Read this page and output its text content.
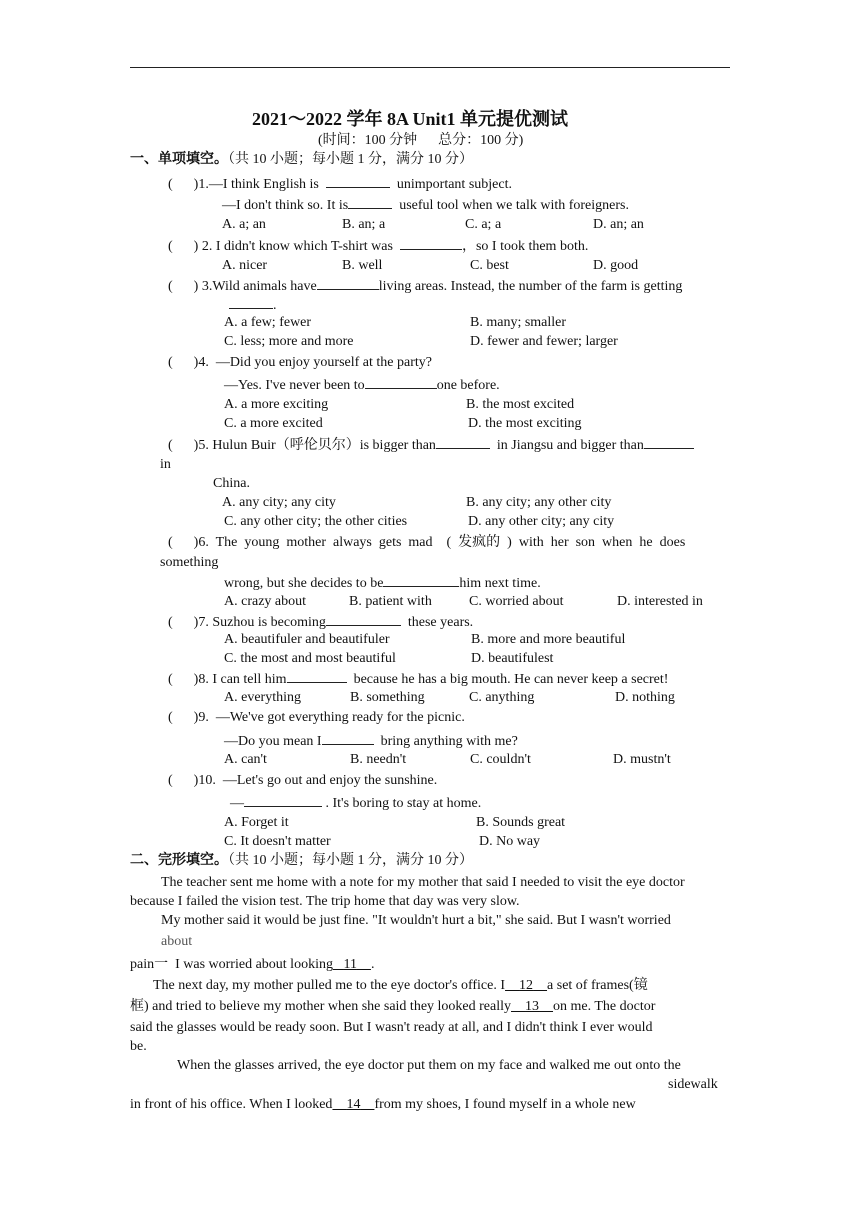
2021～2022 学年 8A Unit1 单元提优测试
(时间：100 分钟      总分：100 分)
一、单项填空。（共 10 小题；每小题 1 分，满分 10 分）
(      )1.—I think English is	unimportant subject.
—I don't think so. It is	useful tool when we talk with foreigners.
A. a; an	B. an; a	C. a; a	D. an; an
(      ) 2. I didn't know which T-shirt was	，so I took them both.
A. nicer	B. well	C. best	D. good
(      ) 3.Wild animals have	living areas. Instead, the number of the farm is getting
.
A. a few; fewer	B. many; smaller
C. less; more and more	D. fewer and fewer; larger
(      )4.  —Did you enjoy yourself at the party?
—Yes. I've never been to	one before.
A. a more exciting	B. the most excited
C. a more excited	D. the most exciting
(      )5. Hulun Buir（呼伦贝尔）is bigger than	in Jiangsu and bigger than
in
China.
A. any city; any city	B. any city; any other city
C. any other city; the other cities	D. any other city; any city
(      )6.  The  young  mother  always  gets  mad    (  发疯的  )  with  her  son  when  he  does
something
wrong, but she decides to be	him next time.
A. crazy about	B. patient with	C. worried about	D. interested in
(      )7. Suzhou is becoming	these years.
A. beautifuler and beautifuler	B. more and more beautiful
C. the most and most beautiful	D. beautifulest
(      )8. I can tell him	because he has a big mouth. He can never keep a secret!
A. everything	B. something	C. anything	D. nothing
(      )9.  —We've got everything ready for the picnic.
—Do you mean I	bring anything with me?
A. can't	B. needn't	C. couldn't	D. mustn't
(      )10.  —Let's go out and enjoy the sunshine.
—	. It's boring to stay at home.
A. Forget it	B. Sounds great
C. It doesn't matter	D. No way
二、完形填空。（共 10 小题；每小题 1 分，满分 10 分）
The teacher sent me home with a note for my mother that said I needed to visit the eye doctor
because I failed the vision test. The trip home that day was very slow.
My mother said it would be just fine. "It wouldn't hurt a bit," she said. But I wasn't worried
about
pain一  I was worried about looking 11 .
The next day, my mother pulled me to the eye doctor's office. I 12 a set of frames(镜
框) and tried to believe my mother when she said they looked really 13 on me. The doctor
said the glasses would be ready soon. But I wasn't ready at all, and I didn't think I ever would
be.
When the glasses arrived, the eye doctor put them on my face and walked me out onto the
sidewalk
in front of his office. When I looked 14 from my shoes, I found myself in a whole new
